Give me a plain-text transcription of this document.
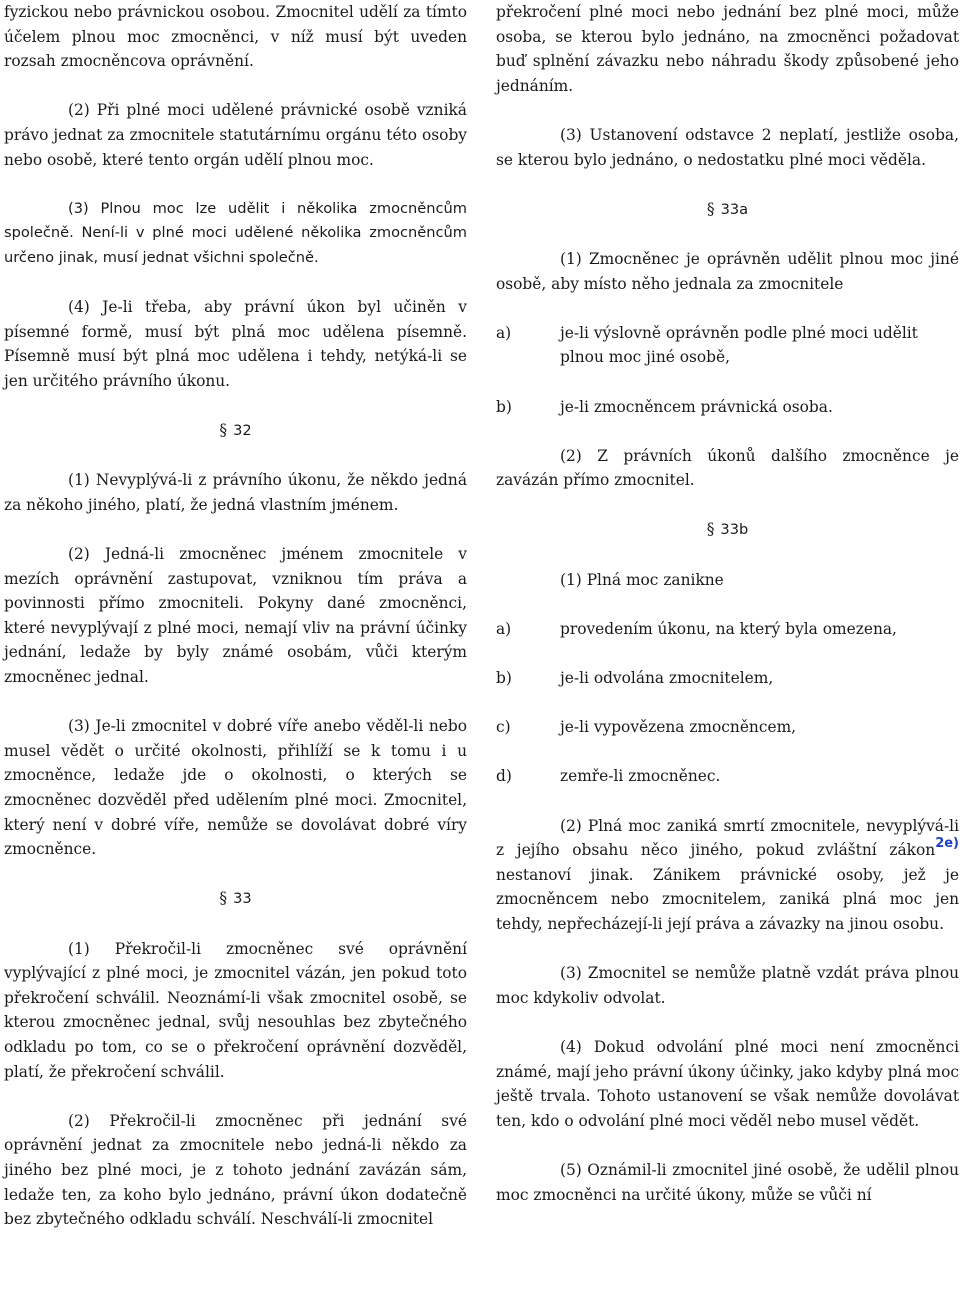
fyzickou nebo právnickou osobou. Zmocnitel udělí za tímto účelem plnou moc zmocněnci, v níž musí být uveden rozsah zmocněncova oprávnění.

(2) Při plné moci udělené právnické osobě vzniká právo jednat za zmocnitele statutárnímu orgánu této osoby nebo osobě, které tento orgán udělí plnou moc.

(3) Plnou moc lze udělit i několika zmocněncům společně. Není-li v plné moci udělené několika zmocněncům určeno jinak, musí jednat všichni společně.

(4) Je-li třeba, aby právní úkon byl učiněn v písemné formě, musí být plná moc udělena písemně. Písemně musí být plná moc udělena i tehdy, netýká-li se jen určitého právního úkonu.

§ 32

(1) Nevyplývá-li z právního úkonu, že někdo jedná za někoho jiného, platí, že jedná vlastním jménem.

(2) Jedná-li zmocněnec jménem zmocnitele v mezích oprávnění zastupovat, vzniknou tím práva a povinnosti přímo zmocniteli. Pokyny dané zmocněnci, které nevyplývají z plné moci, nemají vliv na právní účinky jednání, ledaže by byly známé osobám, vůči kterým zmocněnec jednal.

(3) Je-li zmocnitel v dobré víře anebo věděl-li nebo musel vědět o určité okolnosti, přihlíží se k tomu i u zmocněnce, ledaže jde o okolnosti, o kterých se zmocněnec dozvěděl před udělením plné moci. Zmocnitel, který není v dobré víře, nemůže se dovolávat dobré víry zmocněnce.

§ 33

(1) Překročil-li zmocněnec své oprávnění vyplývající z plné moci, je zmocnitel vázán, jen pokud toto překročení schválil. Neoznámí-li však zmocnitel osobě, se kterou zmocněnec jednal, svůj nesouhlas bez zbytečného odkladu po tom, co se o překročení oprávnění dozvěděl, platí, že překročení schválil.

(2) Překročil-li zmocněnec při jednání své oprávnění jednat za zmocnitele nebo jedná-li někdo za jiného bez plné moci, je z tohoto jednání zavázán sám, ledaže ten, za koho bylo jednáno, právní úkon dodatečně bez zbytečného odkladu schválí. Neschválí-li zmocnitel

překročení plné moci nebo jednání bez plné moci, může osoba, se kterou bylo jednáno, na zmocněnci požadovat buď splnění závazku nebo náhradu škody způsobené jeho jednáním.

(3) Ustanovení odstavce 2 neplatí, jestliže osoba, se kterou bylo jednáno, o nedostatku plné moci věděla.

§ 33a

(1) Zmocněnec je oprávněn udělit plnou moc jiné osobě, aby místo něho jednala za zmocnitele

a)	je-li výslovně oprávněn podle plné moci udělit plnou moc jiné osobě,
b)	je-li zmocněncem právnická osoba.

(2) Z právních úkonů dalšího zmocněnce je zavázán přímo zmocnitel.

§ 33b

(1) Plná moc zanikne

a)	provedením úkonu, na který byla omezena,
b)	je-li odvolána zmocnitelem,
c)	je-li vypovězena zmocněncem,
d)	zemře-li zmocněnec.

(2) Plná moc zaniká smrtí zmocnitele, nevyplývá-li z jejího obsahu něco jiného, pokud zvláštní zákon$^{2e)}$ nestanoví jinak. Zánikem právnické osoby, jež je zmocněncem nebo zmocnitelem, zaniká plná moc jen tehdy, nepřecházejí-li její práva a závazky na jinou osobu.

(3) Zmocnitel se nemůže platně vzdát práva plnou moc kdykoliv odvolat.

(4) Dokud odvolání plné moci není zmocněnci známé, mají jeho právní úkony účinky, jako kdyby plná moc ještě trvala. Tohoto ustanovení se však nemůže dovolávat ten, kdo o odvolání plné moci věděl nebo musel vědět.

(5) Oznámil-li zmocnitel jiné osobě, že udělil plnou moc zmocněnci na určité úkony, může se vůči ní
